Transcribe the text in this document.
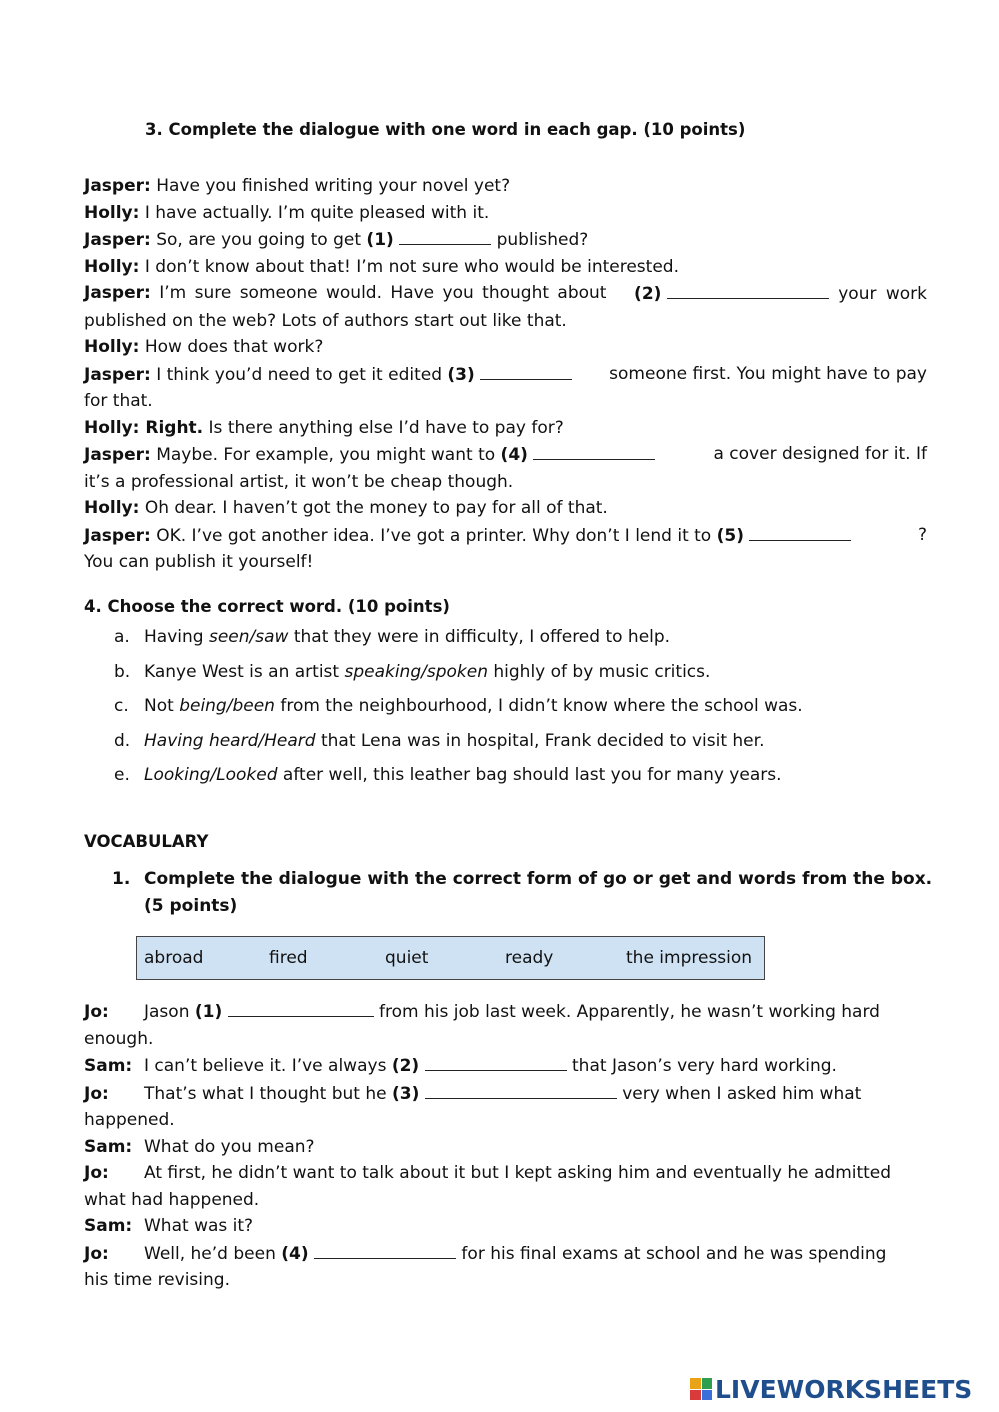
3. Complete the dialogue with one word in each gap. (10 points)

Jasper: Have you finished writing your novel yet?

Holly: I have actually. I’m quite pleased with it.

Jasper: So, are you going to get (1)	published?

Holly: I don’t know about that! I’m not sure who would be interested.

Jasper: I’m sure someone would. Have you thought about (2)	your work

published on the web? Lots of authors start out like that.

Holly: How does that work?

Jasper: I think you’d need to get it edited (3)	someone first. You might have to pay

for that.

Holly: Right. Is there anything else I’d have to pay for?

Jasper: Maybe. For example, you might want to (4)	a cover designed for it. If

it’s a professional artist, it won’t be cheap though.

Holly: Oh dear. I haven’t got the money to pay for all of that.

Jasper: OK. I’ve got another idea. I’ve got a printer. Why don’t I lend it to (5)	?

You can publish it yourself!

4. Choose the correct word. (10 points)
a. Having seen/saw that they were in difficulty, I offered to help.
b. Kanye West is an artist speaking/spoken highly of by music critics.
c. Not being/been from the neighbourhood, I didn’t know where the school was.
d. Having heard/Heard that Lena was in hospital, Frank decided to visit her.
e. Looking/Looked after well, this leather bag should last you for many years.
VOCABULARY
1. Complete the dialogue with the correct form of go or get and words from the box.
(5 points)
abroad	fired	quiet	ready	the impression

Jo: Jason (1)	from his job last week. Apparently, he wasn’t working hard

enough.

Sam: I can’t believe it. I’ve always (2)	that Jason’s very hard working.

Jo: That’s what I thought but he (3)	very when I asked him what

happened.

Sam: What do you mean?

Jo: At first, he didn’t want to talk about it but I kept asking him and eventually he admitted

what had happened.

Sam: What was it?

Jo: Well, he’d been (4)	for his final exams at school and he was spending

his time revising.

LIVEWORKSHEETS
